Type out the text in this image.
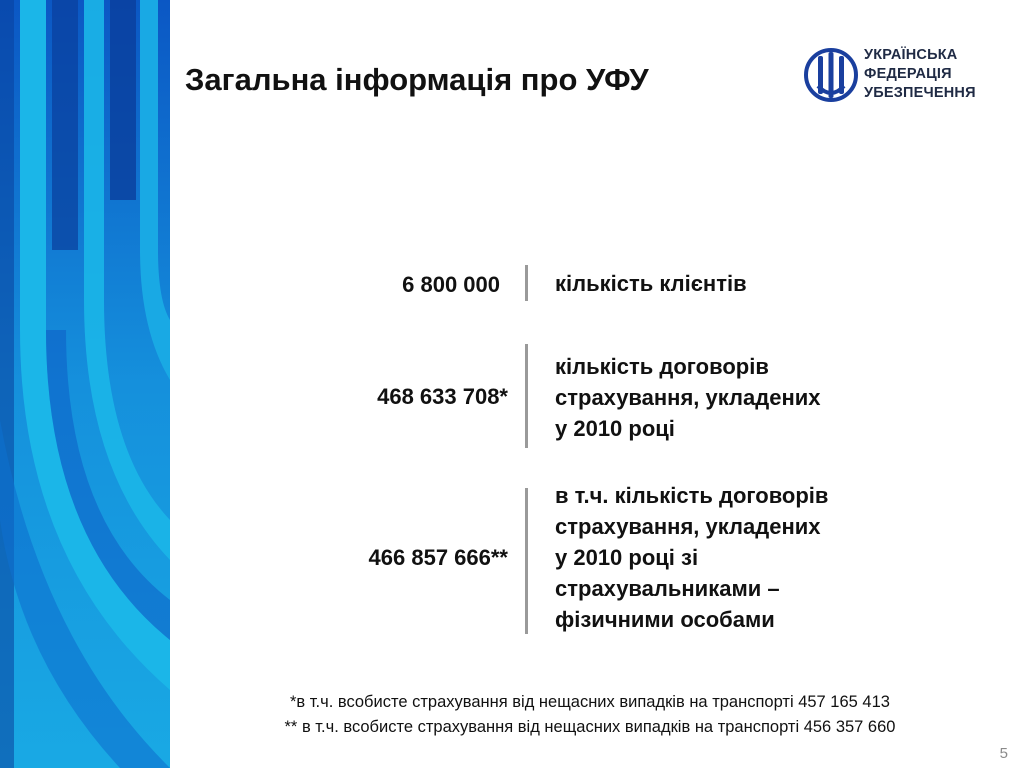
Загальна інформація про УФУ
УКРАЇНСЬКА
ФЕДЕРАЦІЯ
УБЕЗПЕЧЕННЯ
6 800 000	кількість клієнтів
468 633 708*
кількість договорів
страхування, укладених
у 2010 році
466 857 666**
в т.ч. кількість договорів
страхування, укладених
у 2010 році зі
страхувальниками –
фізичними особами
*в т.ч. всобисте страхування від нещасних випадків на транспорті 457 165 413
** в т.ч. всобисте страхування від нещасних випадків на транспорті 456 357 660
5
